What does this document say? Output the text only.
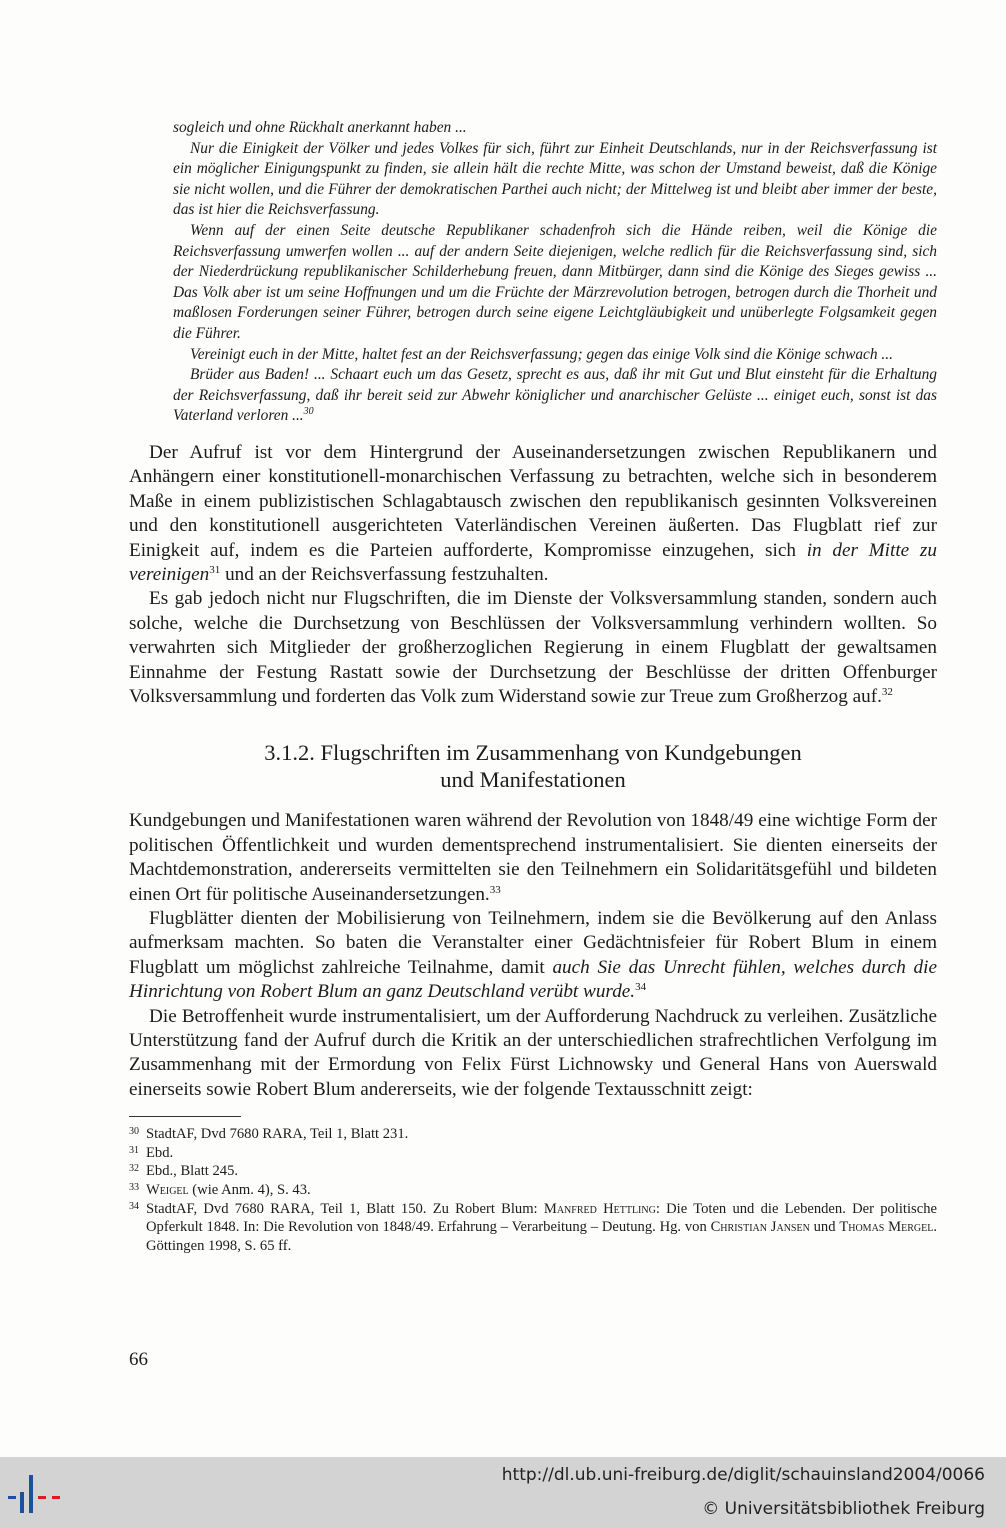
sogleich und ohne Rückhalt anerkannt haben ...

Nur die Einigkeit der Völker und jedes Volkes für sich, führt zur Einheit Deutschlands, nur in der Reichsverfassung ist ein möglicher Einigungspunkt zu finden, sie allein hält die rechte Mitte, was schon der Umstand beweist, daß die Könige sie nicht wollen, und die Führer der demokratischen Parthei auch nicht; der Mittelweg ist und bleibt aber immer der beste, das ist hier die Reichsverfassung.

Wenn auf der einen Seite deutsche Republikaner schadenfroh sich die Hände reiben, weil die Könige die Reichsverfassung umwerfen wollen ... auf der andern Seite diejenigen, welche redlich für die Reichsverfassung sind, sich der Niederdrückung republikanischer Schilderhebung freuen, dann Mitbürger, dann sind die Könige des Sieges gewiss ... Das Volk aber ist um seine Hoffnungen und um die Früchte der Märzrevolution betrogen, betrogen durch die Thorheit und maßlosen Forderungen seiner Führer, betrogen durch seine eigene Leichtgläubigkeit und unüberlegte Folgsamkeit gegen die Führer.

Vereinigt euch in der Mitte, haltet fest an der Reichsverfassung; gegen das einige Volk sind die Könige schwach ...

Brüder aus Baden! ... Schaart euch um das Gesetz, sprecht es aus, daß ihr mit Gut und Blut einsteht für die Erhaltung der Reichsverfassung, daß ihr bereit seid zur Abwehr königlicher und anarchischer Gelüste ... einiget euch, sonst ist das Vaterland verloren ...$^{30}$

Der Aufruf ist vor dem Hintergrund der Auseinandersetzungen zwischen Republikanern und Anhängern einer konstitutionell-monarchischen Verfassung zu betrachten, welche sich in besonderem Maße in einem publizistischen Schlagabtausch zwischen den republikanisch gesinnten Volksvereinen und den konstitutionell ausgerichteten Vaterländischen Vereinen äußerten. Das Flugblatt rief zur Einigkeit auf, indem es die Parteien aufforderte, Kompromisse einzugehen, sich in der Mitte zu vereinigen$^{31}$ und an der Reichsverfassung festzuhalten.

Es gab jedoch nicht nur Flugschriften, die im Dienste der Volksversammlung standen, sondern auch solche, welche die Durchsetzung von Beschlüssen der Volksversammlung verhindern wollten. So verwahrten sich Mitglieder der großherzoglichen Regierung in einem Flugblatt der gewaltsamen Einnahme der Festung Rastatt sowie der Durchsetzung der Beschlüsse der dritten Offenburger Volksversammlung und forderten das Volk zum Widerstand sowie zur Treue zum Großherzog auf.$^{32}$

3.1.2. Flugschriften im Zusammenhang von Kundgebungen
und Manifestationen

Kundgebungen und Manifestationen waren während der Revolution von 1848/49 eine wichtige Form der politischen Öffentlichkeit und wurden dementsprechend instrumentalisiert. Sie dienten einerseits der Machtdemonstration, andererseits vermittelten sie den Teilnehmern ein Solidaritätsgefühl und bildeten einen Ort für politische Auseinandersetzungen.$^{33}$

Flugblätter dienten der Mobilisierung von Teilnehmern, indem sie die Bevölkerung auf den Anlass aufmerksam machten. So baten die Veranstalter einer Gedächtnisfeier für Robert Blum in einem Flugblatt um möglichst zahlreiche Teilnahme, damit auch Sie das Unrecht fühlen, welches durch die Hinrichtung von Robert Blum an ganz Deutschland verübt wurde.$^{34}$

Die Betroffenheit wurde instrumentalisiert, um der Aufforderung Nachdruck zu verleihen. Zusätzliche Unterstützung fand der Aufruf durch die Kritik an der unterschiedlichen strafrechtlichen Verfolgung im Zusammenhang mit der Ermordung von Felix Fürst Lichnowsky und General Hans von Auerswald einerseits sowie Robert Blum andererseits, wie der folgende Textausschnitt zeigt:

30 StadtAF, Dvd 7680 RARA, Teil 1, Blatt 231.
31 Ebd.
32 Ebd., Blatt 245.
33 Weigel (wie Anm. 4), S. 43.
34 StadtAF, Dvd 7680 RARA, Teil 1, Blatt 150. Zu Robert Blum: Manfred Hettling: Die Toten und die Lebenden. Der politische Opferkult 1848. In: Die Revolution von 1848/49. Erfahrung – Verarbeitung – Deutung. Hg. von Christian Jansen und Thomas Mergel. Göttingen 1998, S. 65 ff.
66
http://dl.ub.uni-freiburg.de/diglit/schauinsland2004/0066
© Universitätsbibliothek Freiburg
